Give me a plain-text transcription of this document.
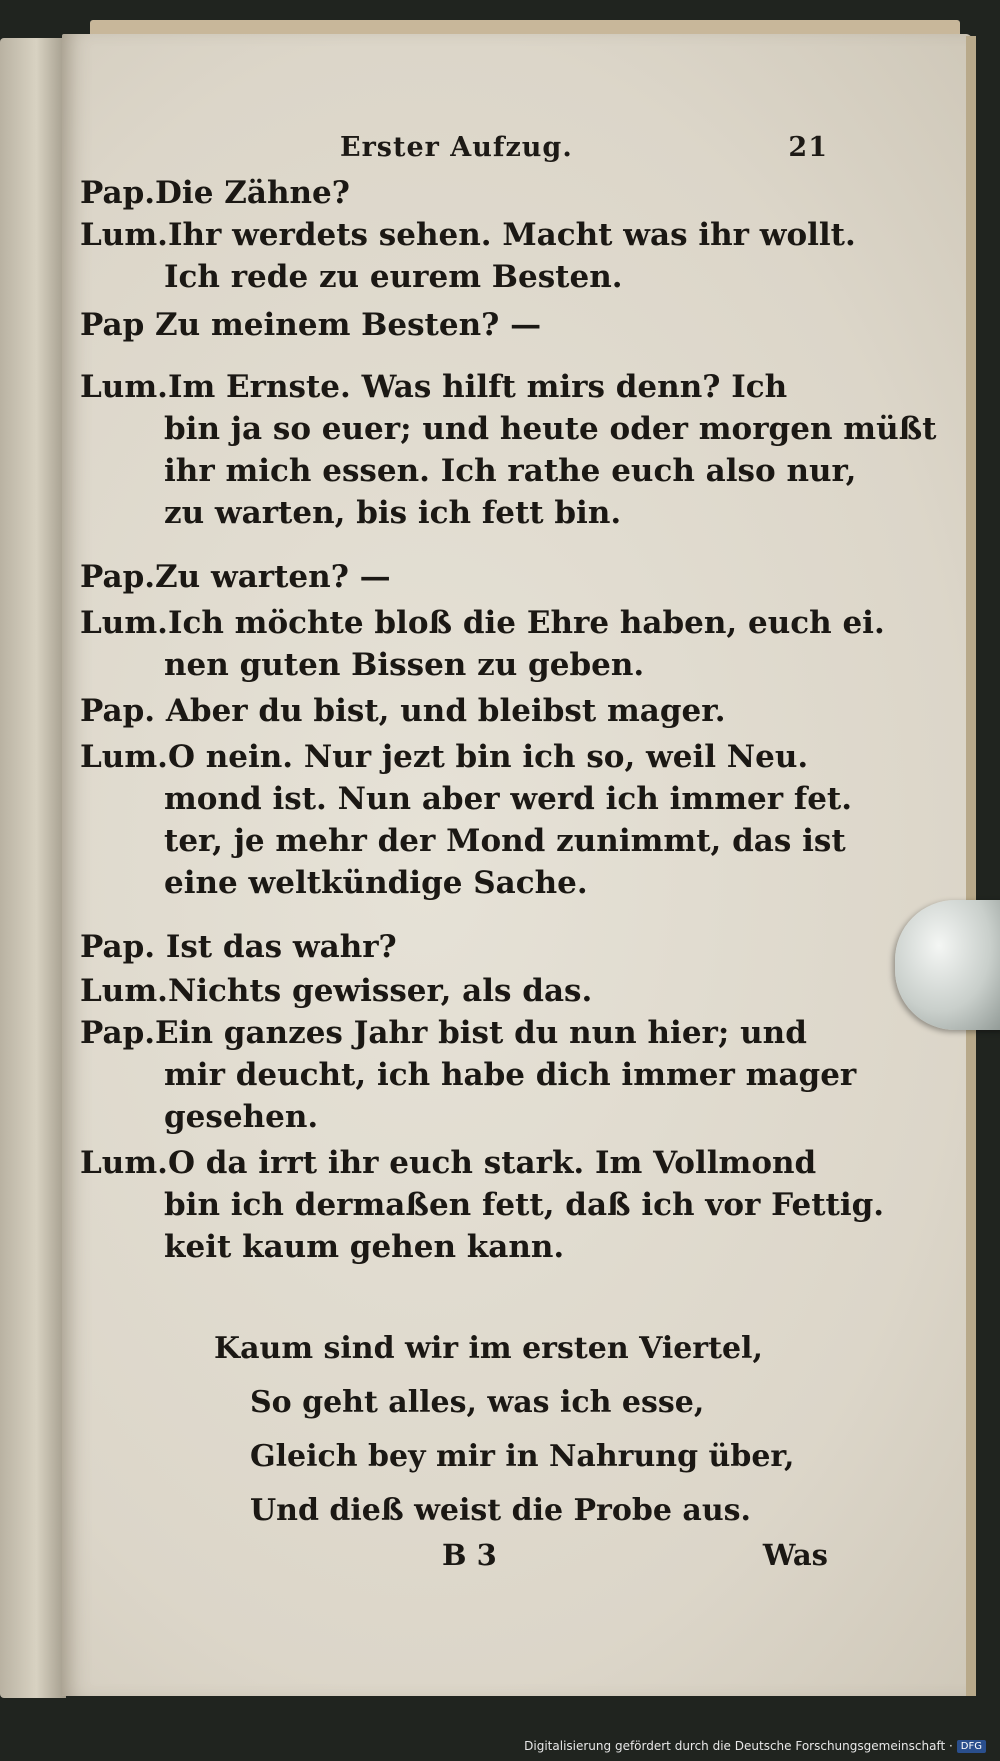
Erster Aufzug.	21
Pap.Die Zähne?
Lum.Ihr werdets sehen. Macht was ihr wollt.
Ich rede zu eurem Besten.
Pap Zu meinem Besten? —
Lum.Im Ernste. Was hilft mirs denn? Ich
bin ja so euer; und heute oder morgen müßt
ihr mich essen. Ich rathe euch also nur,
zu warten, bis ich fett bin.
Pap.Zu warten? —
Lum.Ich möchte bloß die Ehre haben, euch ei.
nen guten Bissen zu geben.
Pap. Aber du bist, und bleibst mager.
Lum.O nein. Nur jezt bin ich so, weil Neu.
mond ist. Nun aber werd ich immer fet.
ter, je mehr der Mond zunimmt, das ist
eine weltkündige Sache.
Pap. Ist das wahr?
Lum.Nichts gewisser, als das.
Pap.Ein ganzes Jahr bist du nun hier; und
mir deucht, ich habe dich immer mager
gesehen.
Lum.O da irrt ihr euch stark. Im Vollmond
bin ich dermaßen fett, daß ich vor Fettig.
keit kaum gehen kann.
Kaum sind wir im ersten Viertel,
So geht alles, was ich esse,
Gleich bey mir in Nahrung über,
Und dieß weist die Probe aus.
B 3	Was
Digitalisierung gefördert durch die Deutsche Forschungsgemeinschaft · DFG
